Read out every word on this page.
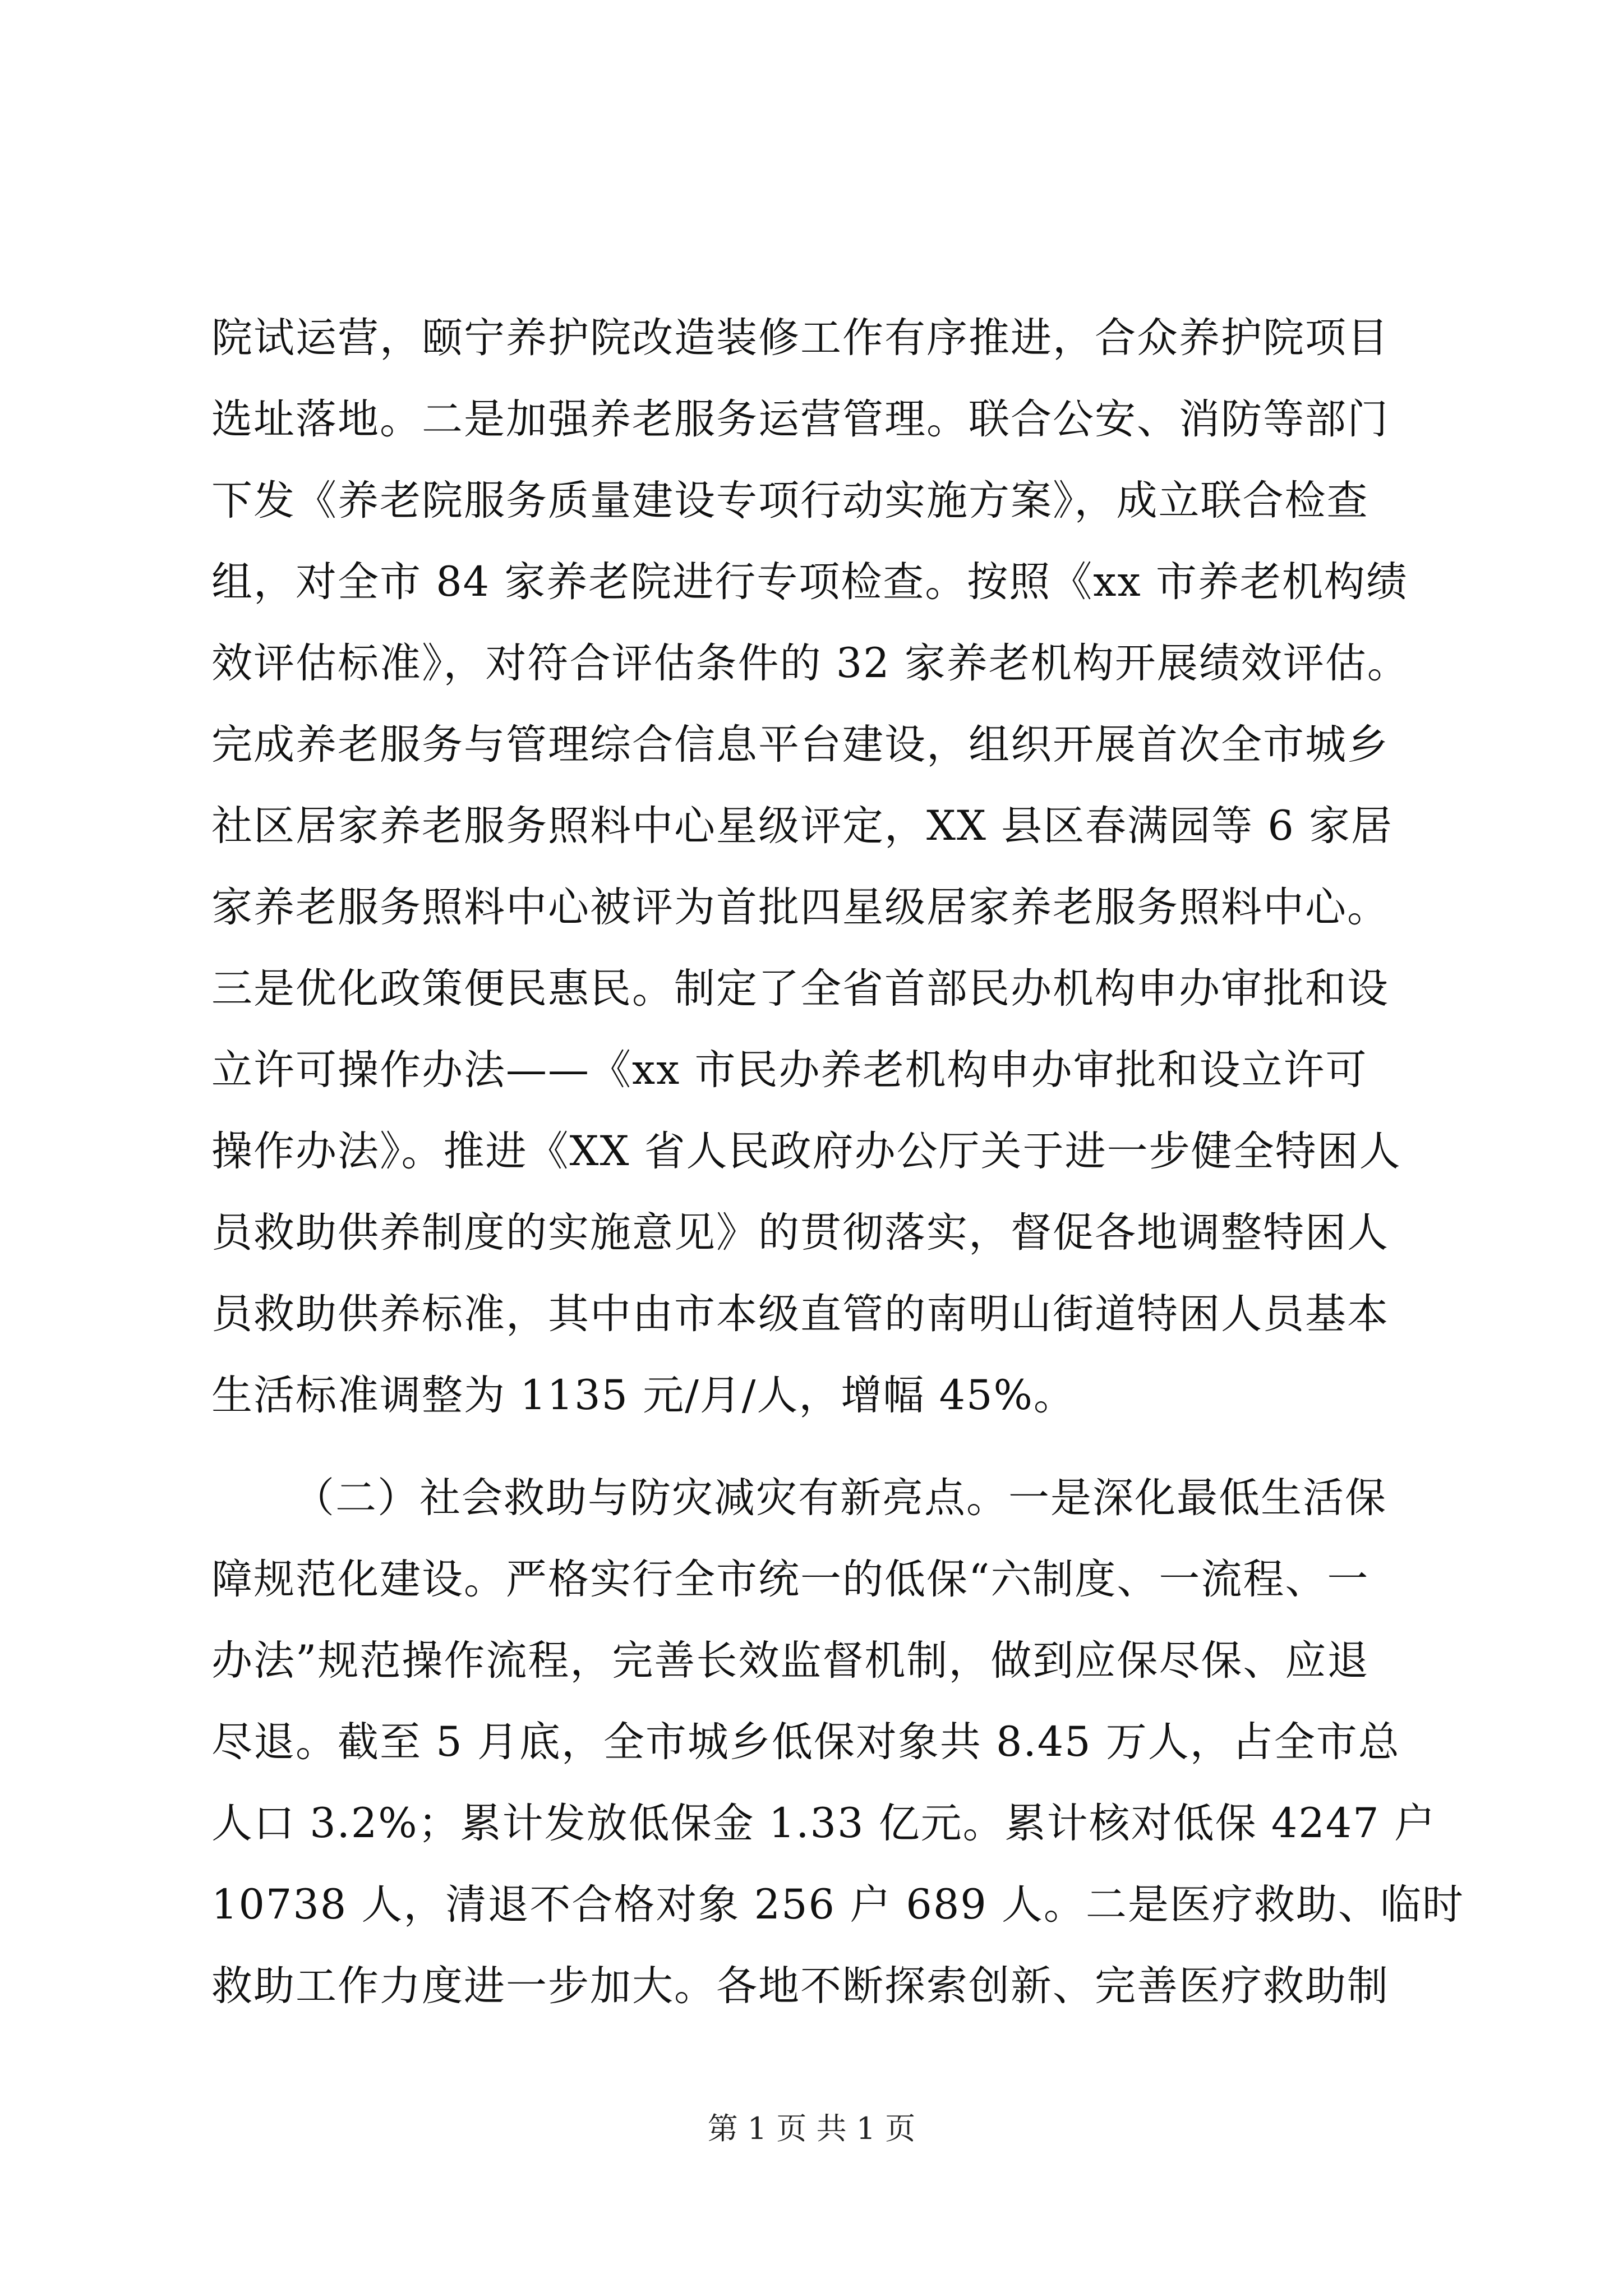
院试运营，颐宁养护院改造装修工作有序推进，合众养护院项目
选址落地。二是加强养老服务运营管理。联合公安、消防等部门
下发《养老院服务质量建设专项行动实施方案》，成立联合检查
组，对全市 84 家养老院进行专项检查。按照《xx 市养老机构绩
效评估标准》，对符合评估条件的 32 家养老机构开展绩效评估。
完成养老服务与管理综合信息平台建设，组织开展首次全市城乡
社区居家养老服务照料中心星级评定，XX 县区春满园等 6 家居
家养老服务照料中心被评为首批四星级居家养老服务照料中心。
三是优化政策便民惠民。制定了全省首部民办机构申办审批和设
立许可操作办法——《xx 市民办养老机构申办审批和设立许可
操作办法》。推进《XX 省人民政府办公厅关于进一步健全特困人
员救助供养制度的实施意见》的贯彻落实，督促各地调整特困人
员救助供养标准，其中由市本级直管的南明山街道特困人员基本
生活标准调整为 1135 元/月/人，增幅 45%。
（二）社会救助与防灾减灾有新亮点。一是深化最低生活保
障规范化建设。严格实行全市统一的低保“六制度、一流程、一
办法”规范操作流程，完善长效监督机制，做到应保尽保、应退
尽退。截至 5 月底，全市城乡低保对象共 8.45 万人，占全市总
人口 3.2%；累计发放低保金 1.33 亿元。累计核对低保 4247 户
10738 人，清退不合格对象 256 户 689 人。二是医疗救助、临时
救助工作力度进一步加大。各地不断探索创新、完善医疗救助制
第 1 页 共 1 页
